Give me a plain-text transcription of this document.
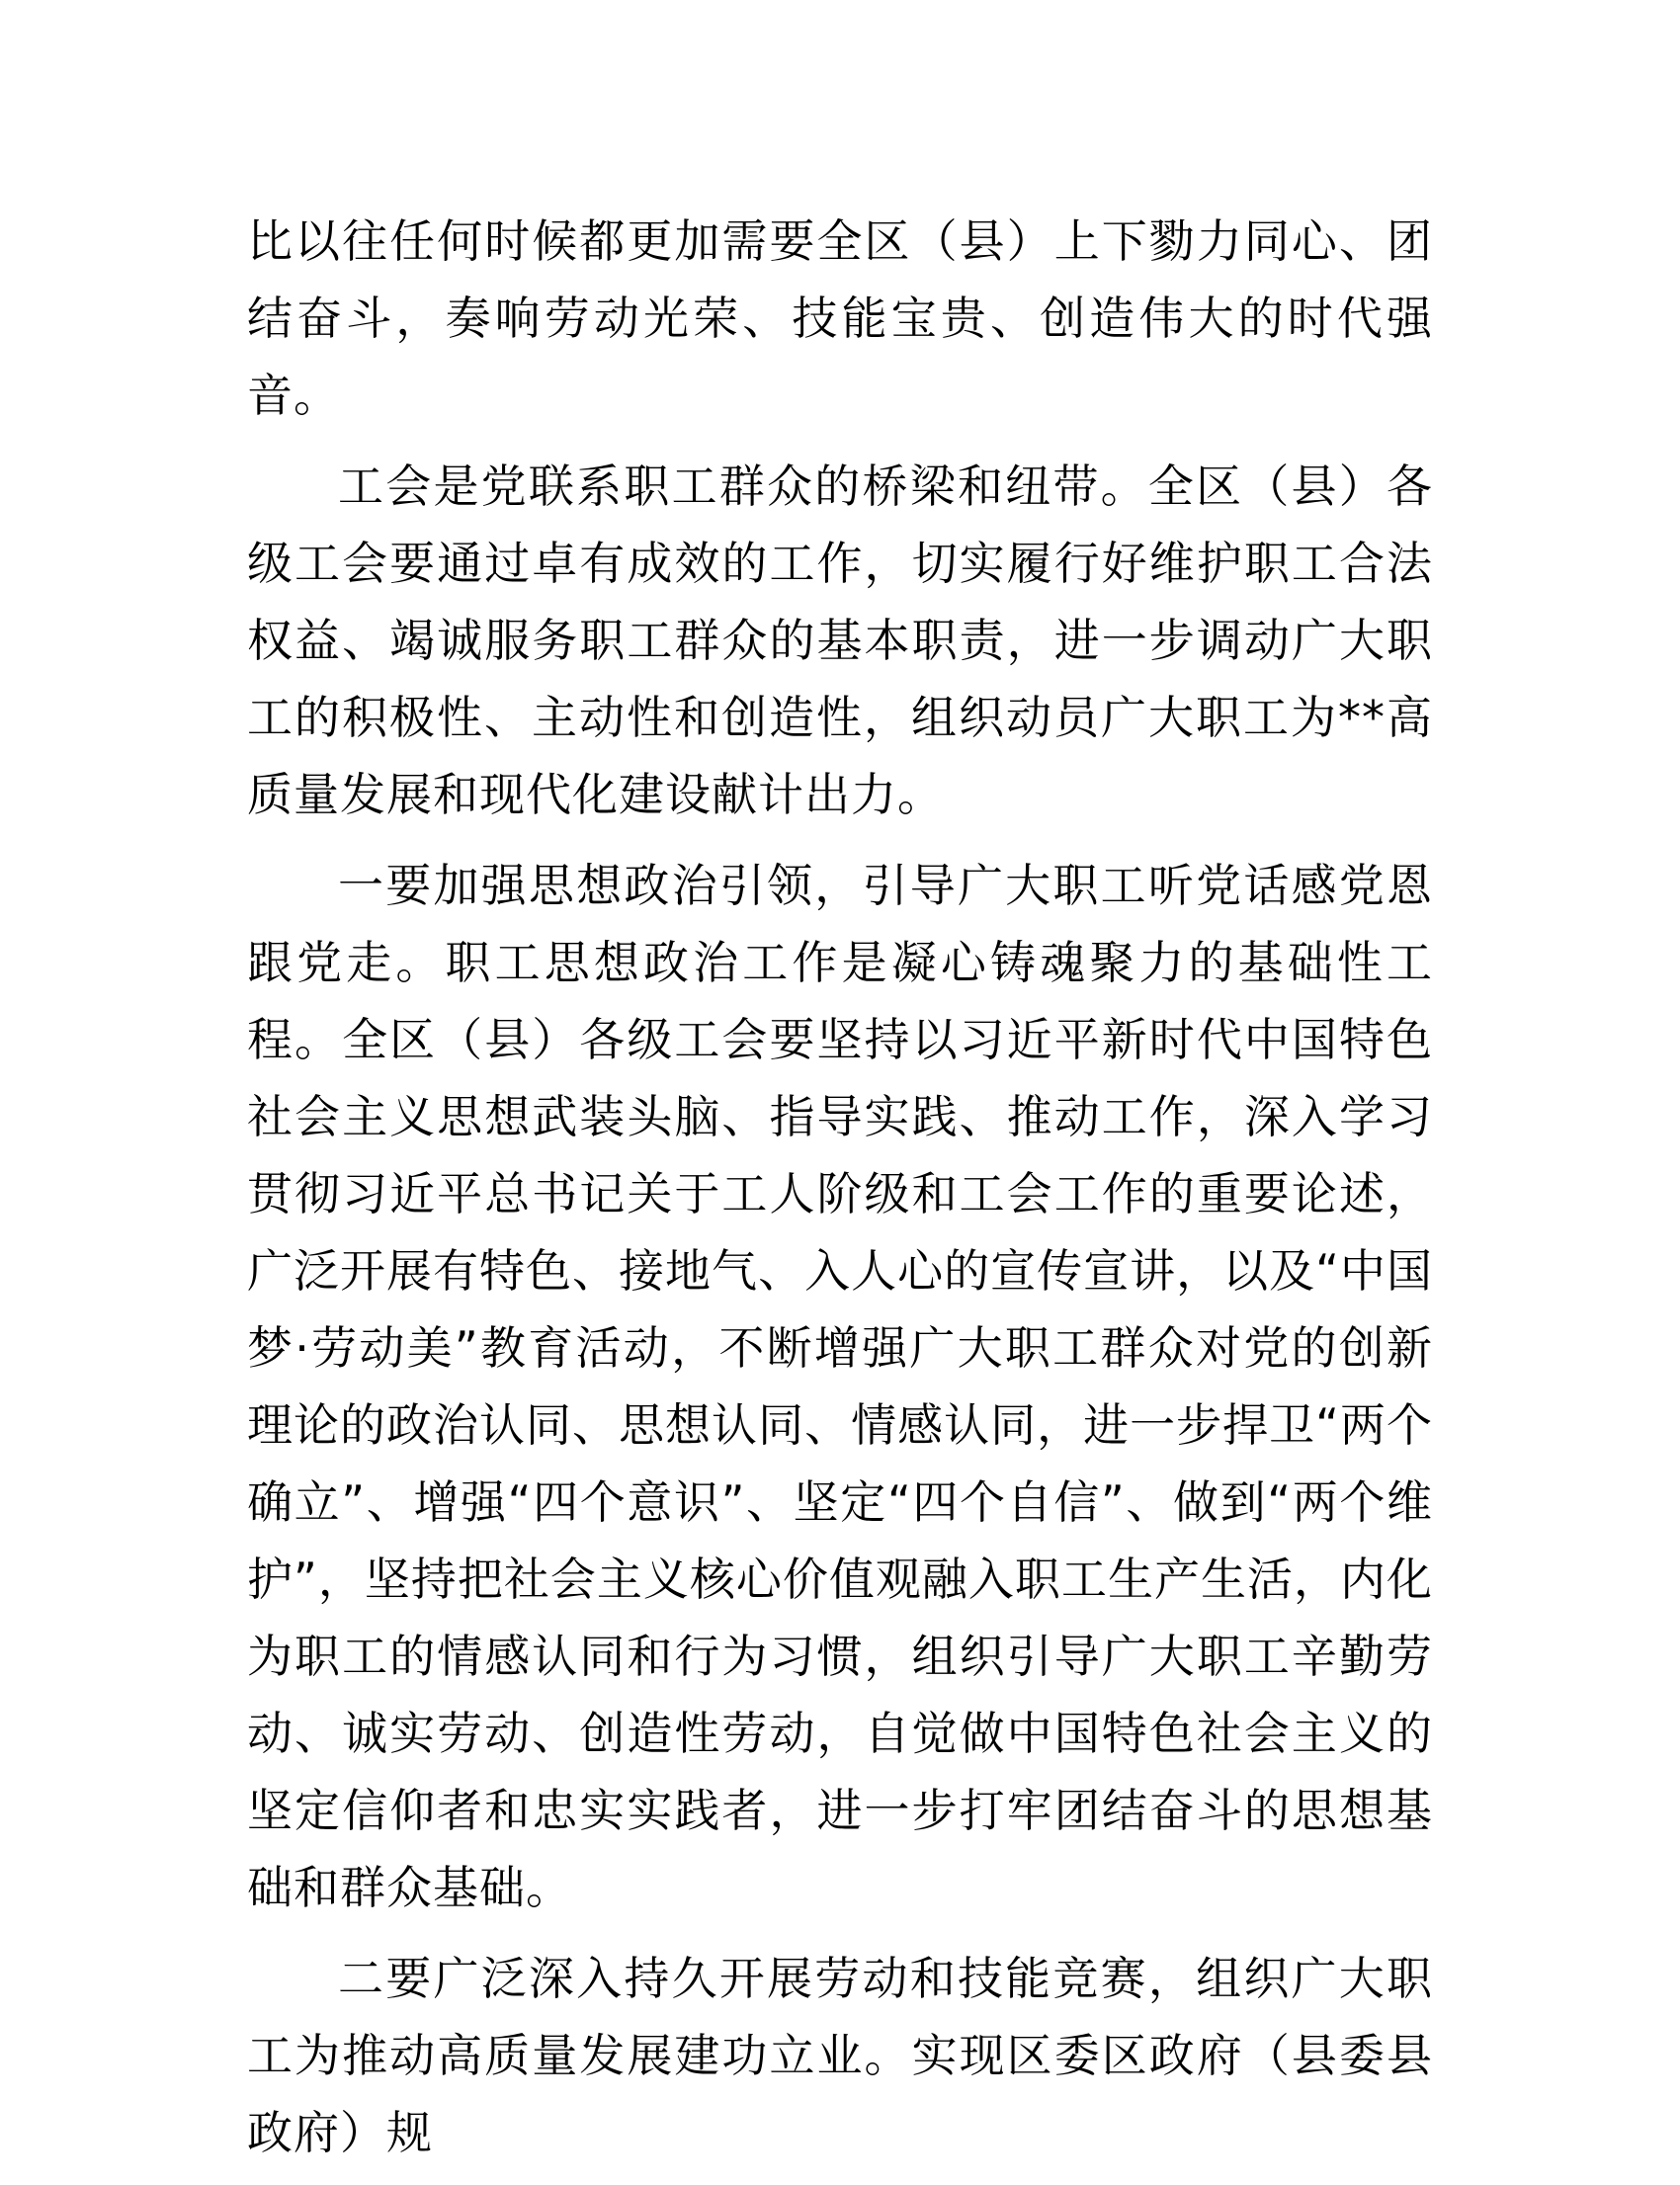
比以往任何时候都更加需要全区（县）上下勠力同心、团结奋斗，奏响劳动光荣、技能宝贵、创造伟大的时代强音。

工会是党联系职工群众的桥梁和纽带。全区（县）各级工会要通过卓有成效的工作，切实履行好维护职工合法权益、竭诚服务职工群众的基本职责，进一步调动广大职工的积极性、主动性和创造性，组织动员广大职工为**高质量发展和现代化建设献计出力。

一要加强思想政治引领，引导广大职工听党话感党恩跟党走。职工思想政治工作是凝心铸魂聚力的基础性工程。全区（县）各级工会要坚持以习近平新时代中国特色社会主义思想武装头脑、指导实践、推动工作，深入学习贯彻习近平总书记关于工人阶级和工会工作的重要论述，广泛开展有特色、接地气、入人心的宣传宣讲，以及“中国梦·劳动美”教育活动，不断增强广大职工群众对党的创新理论的政治认同、思想认同、情感认同，进一步捍卫“两个确立”、增强“四个意识”、坚定“四个自信”、做到“两个维护”，坚持把社会主义核心价值观融入职工生产生活，内化为职工的情感认同和行为习惯，组织引导广大职工辛勤劳动、诚实劳动、创造性劳动，自觉做中国特色社会主义的坚定信仰者和忠实实践者，进一步打牢团结奋斗的思想基础和群众基础。

二要广泛深入持久开展劳动和技能竞赛，组织广大职工为推动高质量发展建功立业。实现区委区政府（县委县政府）规
